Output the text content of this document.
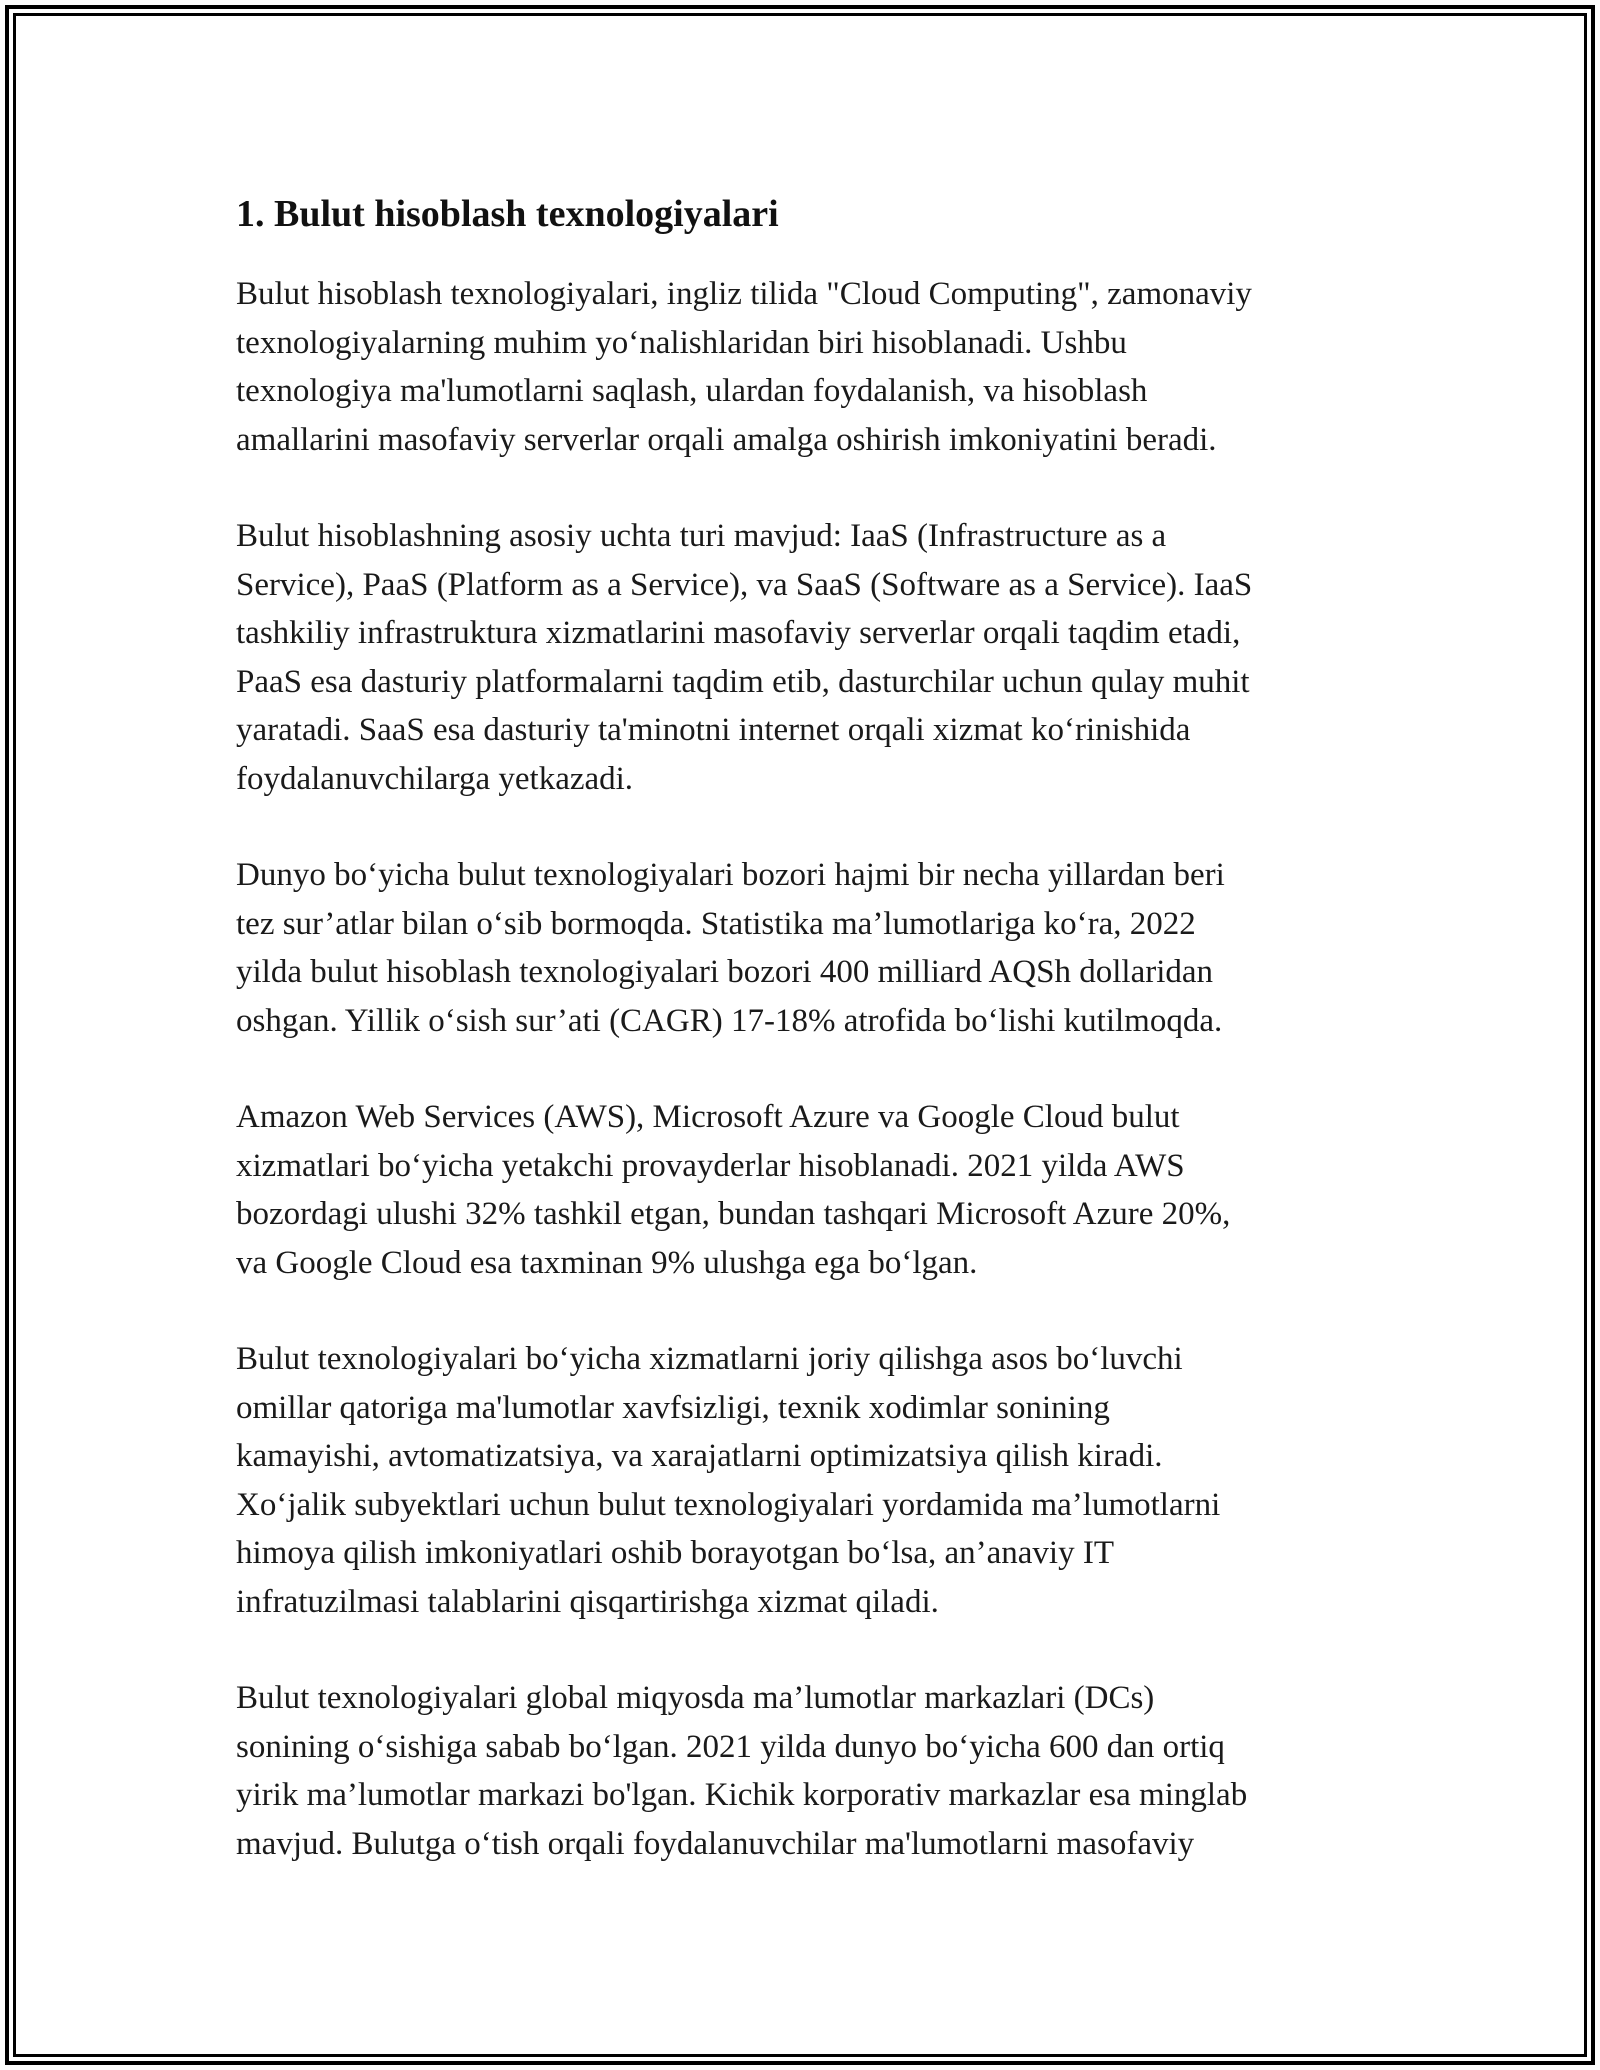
1. Bulut hisoblash texnologiyalari

Bulut hisoblash texnologiyalari, ingliz tilida "Cloud Computing", zamonaviy
texnologiyalarning muhim yo‘nalishlaridan biri hisoblanadi. Ushbu
texnologiya ma'lumotlarni saqlash, ulardan foydalanish, va hisoblash
amallarini masofaviy serverlar orqali amalga oshirish imkoniyatini beradi.

Bulut hisoblashning asosiy uchta turi mavjud: IaaS (Infrastructure as a
Service), PaaS (Platform as a Service), va SaaS (Software as a Service). IaaS
tashkiliy infrastruktura xizmatlarini masofaviy serverlar orqali taqdim etadi,
PaaS esa dasturiy platformalarni taqdim etib, dasturchilar uchun qulay muhit
yaratadi. SaaS esa dasturiy ta'minotni internet orqali xizmat ko‘rinishida
foydalanuvchilarga yetkazadi.

Dunyo bo‘yicha bulut texnologiyalari bozori hajmi bir necha yillardan beri
tez sur’atlar bilan o‘sib bormoqda. Statistika ma’lumotlariga ko‘ra, 2022
yilda bulut hisoblash texnologiyalari bozori 400 milliard AQSh dollaridan
oshgan. Yillik o‘sish sur’ati (CAGR) 17-18% atrofida bo‘lishi kutilmoqda.

Amazon Web Services (AWS), Microsoft Azure va Google Cloud bulut
xizmatlari bo‘yicha yetakchi provayderlar hisoblanadi. 2021 yilda AWS
bozordagi ulushi 32% tashkil etgan, bundan tashqari Microsoft Azure 20%,
va Google Cloud esa taxminan 9% ulushga ega bo‘lgan.

Bulut texnologiyalari bo‘yicha xizmatlarni joriy qilishga asos bo‘luvchi
omillar qatoriga ma'lumotlar xavfsizligi, texnik xodimlar sonining
kamayishi, avtomatizatsiya, va xarajatlarni optimizatsiya qilish kiradi.
Xo‘jalik subyektlari uchun bulut texnologiyalari yordamida ma’lumotlarni
himoya qilish imkoniyatlari oshib borayotgan bo‘lsa, an’anaviy IT
infratuzilmasi talablarini qisqartirishga xizmat qiladi.

Bulut texnologiyalari global miqyosda ma’lumotlar markazlari (DCs)
sonining o‘sishiga sabab bo‘lgan. 2021 yilda dunyo bo‘yicha 600 dan ortiq
yirik ma’lumotlar markazi bo'lgan. Kichik korporativ markazlar esa minglab
mavjud. Bulutga o‘tish orqali foydalanuvchilar ma'lumotlarni masofaviy
